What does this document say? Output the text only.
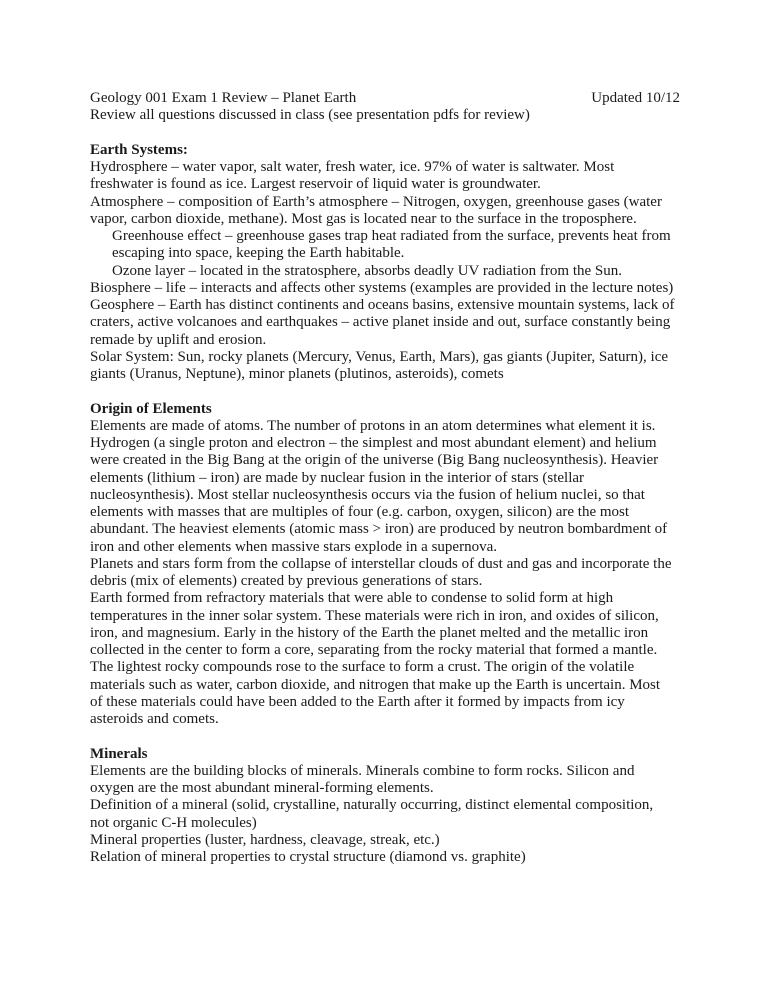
Geology 001 Exam 1 Review – Planet Earth	Updated 10/12
Review all questions discussed in class (see presentation pdfs for review)
Earth Systems:
Hydrosphere – water vapor, salt water, fresh water, ice. 97% of water is saltwater. Most
freshwater is found as ice. Largest reservoir of liquid water is groundwater.
Atmosphere – composition of Earth’s atmosphere – Nitrogen, oxygen, greenhouse gases (water
vapor, carbon dioxide, methane). Most gas is located near to the surface in the troposphere.
Greenhouse effect – greenhouse gases trap heat radiated from the surface, prevents heat from
escaping into space, keeping the Earth habitable.
Ozone layer – located in the stratosphere, absorbs deadly UV radiation from the Sun.
Biosphere – life – interacts and affects other systems (examples are provided in the lecture notes)
Geosphere – Earth has distinct continents and oceans basins, extensive mountain systems, lack of
craters, active volcanoes and earthquakes – active planet inside and out, surface constantly being
remade by uplift and erosion.
Solar System: Sun, rocky planets (Mercury, Venus, Earth, Mars), gas giants (Jupiter, Saturn), ice
giants (Uranus, Neptune), minor planets (plutinos, asteroids), comets
Origin of Elements
Elements are made of atoms. The number of protons in an atom determines what element it is.
Hydrogen (a single proton and electron – the simplest and most abundant element) and helium
were created in the Big Bang at the origin of the universe (Big Bang nucleosynthesis). Heavier
elements (lithium – iron) are made by nuclear fusion in the interior of stars (stellar
nucleosynthesis). Most stellar nucleosynthesis occurs via the fusion of helium nuclei, so that
elements with masses that are multiples of four (e.g. carbon, oxygen, silicon) are the most
abundant. The heaviest elements (atomic mass > iron) are produced by neutron bombardment of
iron and other elements when massive stars explode in a supernova.
Planets and stars form from the collapse of interstellar clouds of dust and gas and incorporate the
debris (mix of elements) created by previous generations of stars.
Earth formed from refractory materials that were able to condense to solid form at high
temperatures in the inner solar system. These materials were rich in iron, and oxides of silicon,
iron, and magnesium. Early in the history of the Earth the planet melted and the metallic iron
collected in the center to form a core, separating from the rocky material that formed a mantle.
The lightest rocky compounds rose to the surface to form a crust. The origin of the volatile
materials such as water, carbon dioxide, and nitrogen that make up the Earth is uncertain. Most
of these materials could have been added to the Earth after it formed by impacts from icy
asteroids and comets.
Minerals
Elements are the building blocks of minerals. Minerals combine to form rocks. Silicon and
oxygen are the most abundant mineral-forming elements.
Definition of a mineral (solid, crystalline, naturally occurring, distinct elemental composition,
not organic C-H molecules)
Mineral properties (luster, hardness, cleavage, streak, etc.)
Relation of mineral properties to crystal structure (diamond vs. graphite)
